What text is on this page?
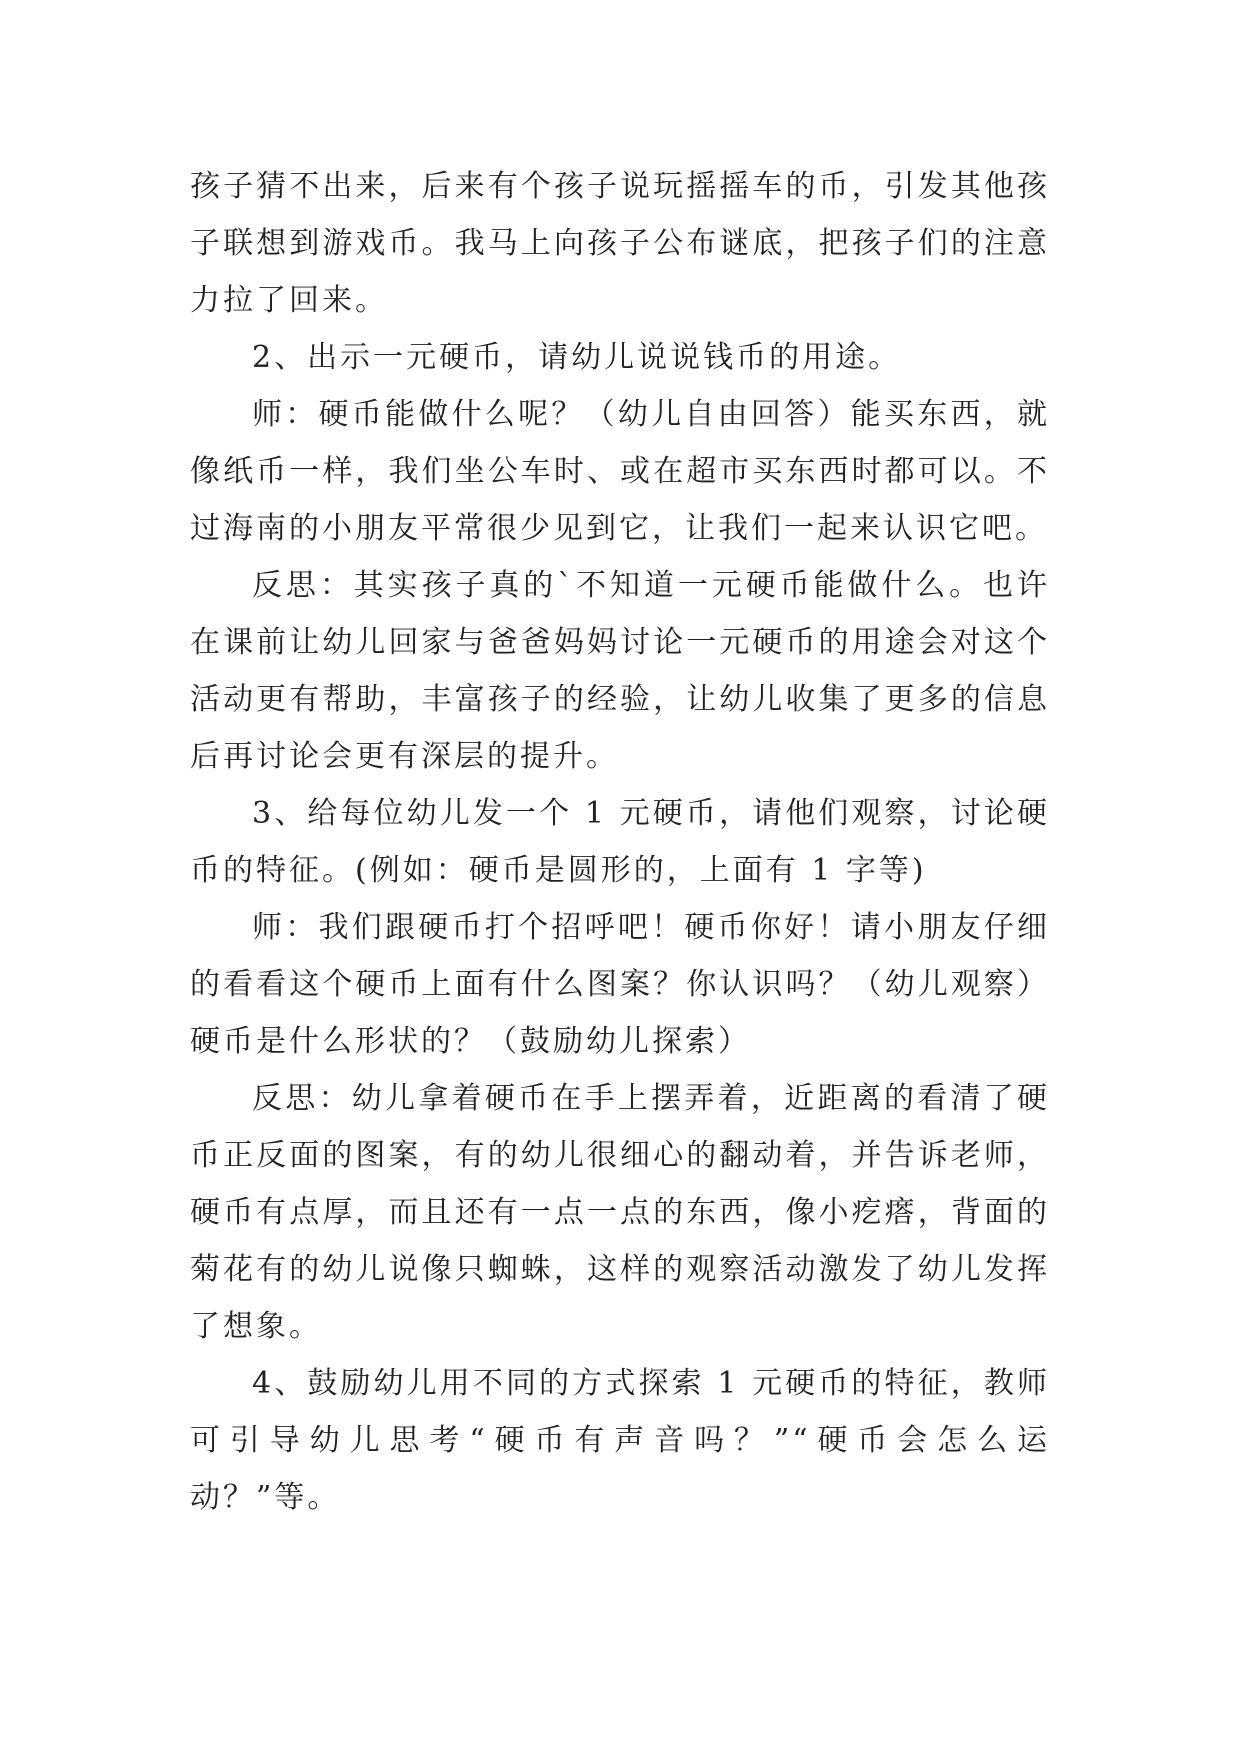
孩子猜不出来，后来有个孩子说玩摇摇车的币，引发其他孩子联想到游戏币。我马上向孩子公布谜底，把孩子们的注意力拉了回来。

2、出示一元硬币，请幼儿说说钱币的用途。

师：硬币能做什么呢？（幼儿自由回答）能买东西，就像纸币一样，我们坐公车时、或在超市买东西时都可以。不过海南的小朋友平常很少见到它，让我们一起来认识它吧。

反思：其实孩子真的`不知道一元硬币能做什么。也许在课前让幼儿回家与爸爸妈妈讨论一元硬币的用途会对这个活动更有帮助，丰富孩子的经验，让幼儿收集了更多的信息后再讨论会更有深层的提升。

3、给每位幼儿发一个 1 元硬币，请他们观察，讨论硬币的特征。(例如：硬币是圆形的，上面有 1 字等)

师：我们跟硬币打个招呼吧！硬币你好！请小朋友仔细的看看这个硬币上面有什么图案？你认识吗？（幼儿观察）硬币是什么形状的？（鼓励幼儿探索）

反思：幼儿拿着硬币在手上摆弄着，近距离的看清了硬币正反面的图案，有的幼儿很细心的翻动着，并告诉老师，硬币有点厚，而且还有一点一点的东西，像小疙瘩，背面的菊花有的幼儿说像只蜘蛛，这样的观察活动激发了幼儿发挥了想象。

4、鼓励幼儿用不同的方式探索 1 元硬币的特征，教师可引导幼儿思考“硬币有声音吗？”“硬币会怎么运动？”等。
